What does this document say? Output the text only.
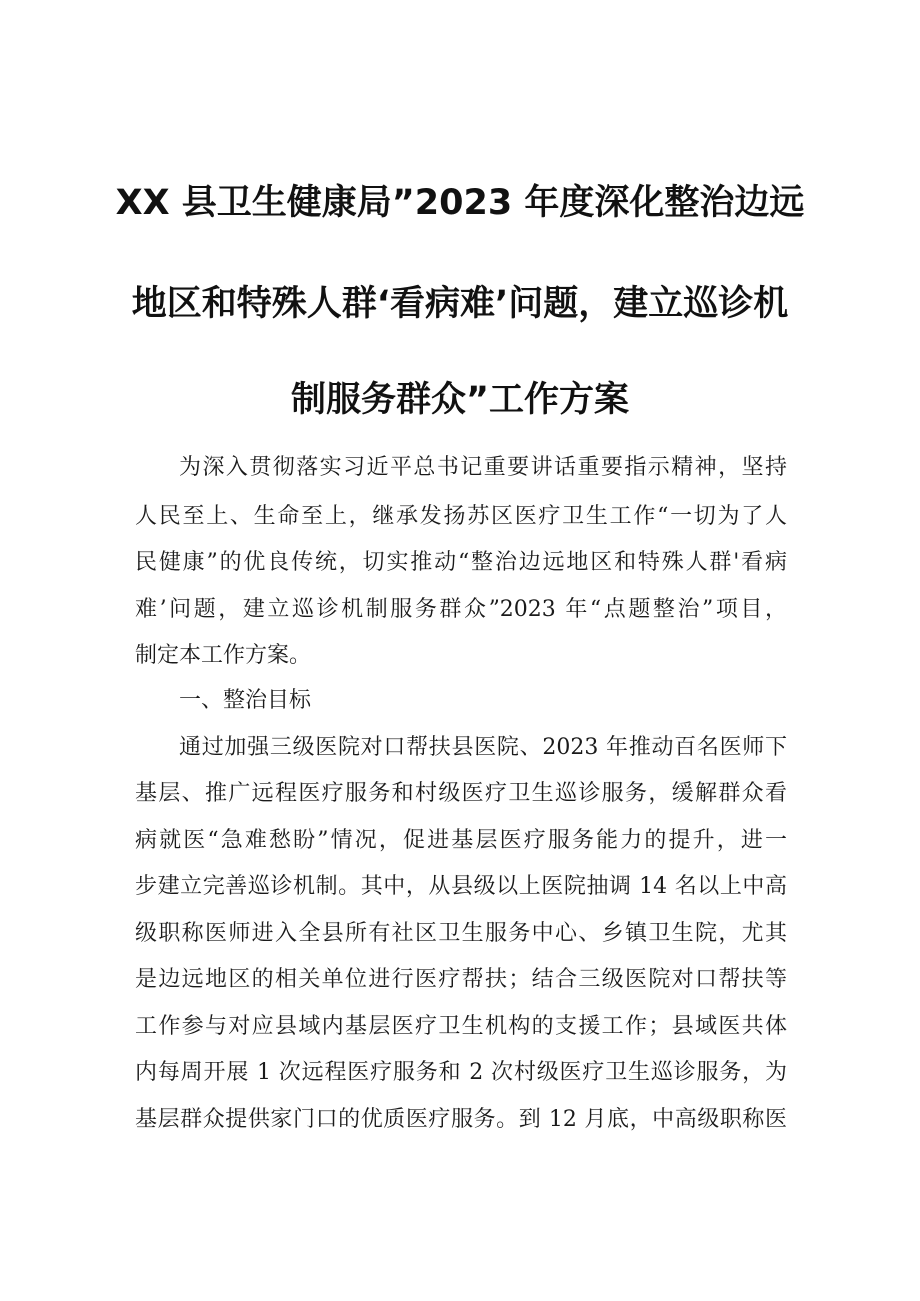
XX 县卫生健康局”2023 年度深化整治边远
地区和特殊人群‘看病难’问题，建立巡诊机
制服务群众”工作方案
为深入贯彻落实习近平总书记重要讲话重要指示精神，坚持
人民至上、生命至上，继承发扬苏区医疗卫生工作“一切为了人
民健康”的优良传统，切实推动“整治边远地区和特殊人群'看病
难’问题，建立巡诊机制服务群众”2023 年“点题整治”项目，
制定本工作方案。
一、整治目标
通过加强三级医院对口帮扶县医院、2023 年推动百名医师下
基层、推广远程医疗服务和村级医疗卫生巡诊服务，缓解群众看
病就医“急难愁盼”情况，促进基层医疗服务能力的提升，进一
步建立完善巡诊机制。其中，从县级以上医院抽调 14 名以上中高
级职称医师进入全县所有社区卫生服务中心、乡镇卫生院，尤其
是边远地区的相关单位进行医疗帮扶；结合三级医院对口帮扶等
工作参与对应县域内基层医疗卫生机构的支援工作；县域医共体
内每周开展 1 次远程医疗服务和 2 次村级医疗卫生巡诊服务，为
基层群众提供家门口的优质医疗服务。到 12 月底，中高级职称医
